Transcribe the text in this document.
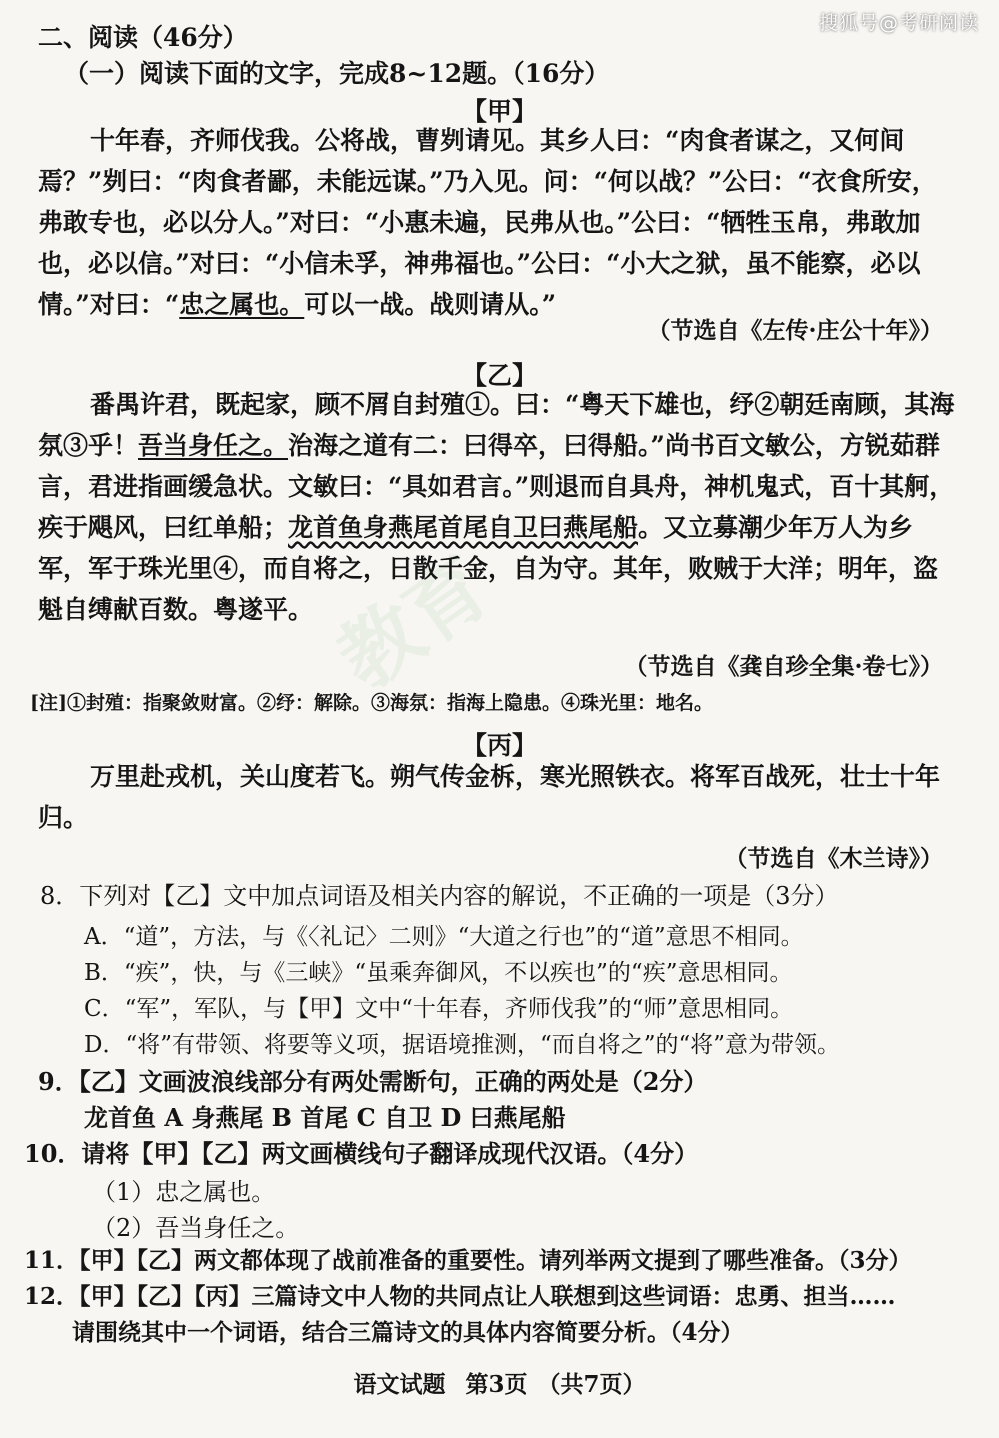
教育
搜狐号@考研阅读
二、阅读（46分）
（一）阅读下面的文字，完成8~12题。（16分）
【甲】
十年春，齐师伐我。公将战，曹刿请见。其乡人曰：“肉食者谋之，又何间焉？”刿曰：“肉食者鄙，未能远谋。”乃入见。问：“何以战？”公曰：“衣食所安，弗敢专也，必以分人。”对曰：“小惠未遍，民弗从也。”公曰：“牺牲玉帛，弗敢加也，必以信。”对曰：“小信未孚，神弗福也。”公曰：“小大之狱，虽不能察，必以情。”对曰：“忠之属也。可以一战。战则请从。”
（节选自《左传·庄公十年》）
【乙】
番禺许君，既起家，顾不屑自封殖①。曰：“粤天下雄也，纾②朝廷南顾，其海氛③乎！吾当身任之。治海之道有二：曰得卒，曰得船。”尚书百文敏公，方锐茹群言，君进指画缓急状。文敏曰：“具如君言。”则退而自具舟，神机鬼式，百十其舸，疾于飓风，曰红单船；龙首鱼身燕尾首尾自卫曰燕尾船。又立募潮少年万人为乡军，军于珠光里④，而自将之，日散千金，自为守。其年，败贼于大洋；明年，盗魁自缚献百数。粤遂平。
（节选自《龚自珍全集·卷七》）
[注]①封殖：指聚敛财富。②纾：解除。③海氛：指海上隐患。④珠光里：地名。
【丙】
万里赴戎机，关山度若飞。朔气传金柝，寒光照铁衣。将军百战死，壮士十年归。
（节选自《木兰诗》）
8．下列对【乙】文中加点词语及相关内容的解说，不正确的一项是（3分）
A．“道”，方法，与《〈礼记〉二则》“大道之行也”的“道”意思不相同。
B．“疾”，快，与《三峡》“虽乘奔御风，不以疾也”的“疾”意思相同。
C．“军”，军队，与【甲】文中“十年春，齐师伐我”的“师”意思相同。
D．“将”有带领、将要等义项，据语境推测，“而自将之”的“将”意为带领。
9．【乙】文画波浪线部分有两处需断句，正确的两处是（2分）
龙首鱼 A 身燕尾 B 首尾 C 自卫 D 曰燕尾船
10．请将【甲】【乙】两文画横线句子翻译成现代汉语。（4分）
（1）忠之属也。
（2）吾当身任之。
11．【甲】【乙】两文都体现了战前准备的重要性。请列举两文提到了哪些准备。（3分）
12．【甲】【乙】【丙】三篇诗文中人物的共同点让人联想到这些词语：忠勇、担当……
请围绕其中一个词语，结合三篇诗文的具体内容简要分析。（4分）
语文试题 第3页 （共7页）
